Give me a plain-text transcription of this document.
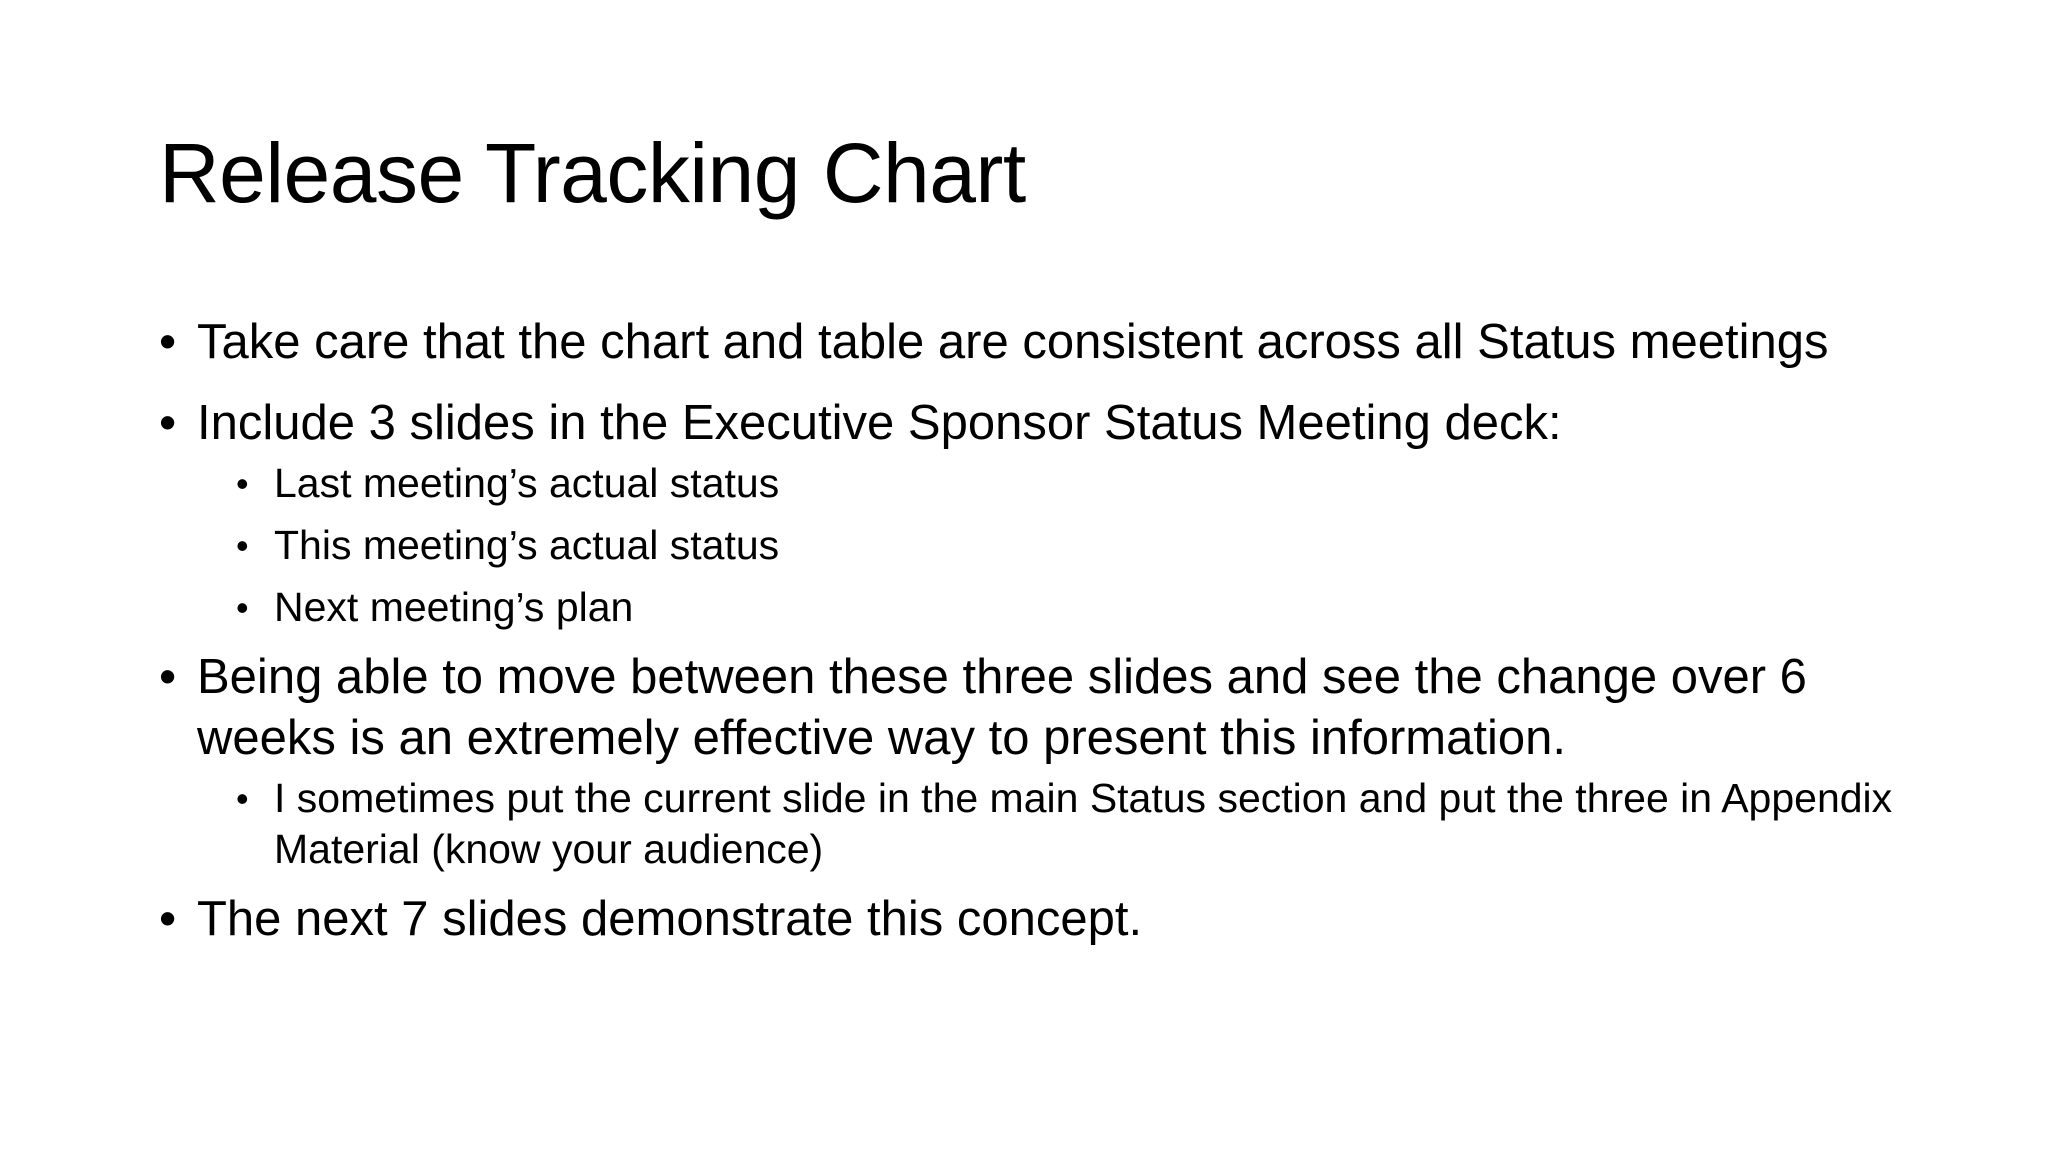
Release Tracking Chart
• Take care that the chart and table are consistent across all Status meetings
• Include 3 slides in the Executive Sponsor Status Meeting deck:
• Last meeting’s actual status
• This meeting’s actual status
• Next meeting’s plan
• Being able to move between these three slides and see the change over 6 weeks is an extremely effective way to present this information.
• I sometimes put the current slide in the main Status section and put the three in Appendix Material (know your audience)
• The next 7 slides demonstrate this concept.
